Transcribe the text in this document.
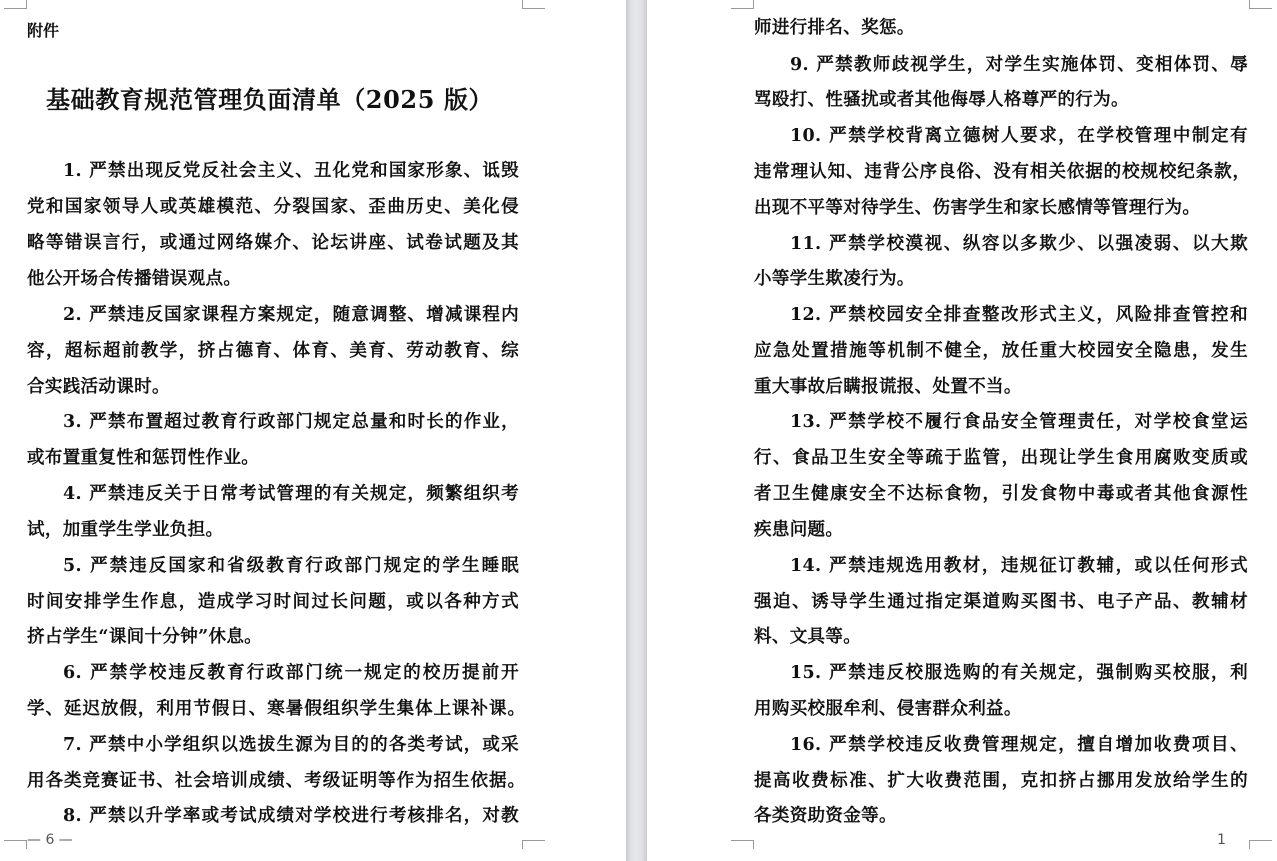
附件
基础教育规范管理负面清单（2025 版）

1. 严禁出现反党反社会主义、丑化党和国家形象、诋毁

党和国家领导人或英雄模范、分裂国家、歪曲历史、美化侵

略等错误言行，或通过网络媒介、论坛讲座、试卷试题及其

他公开场合传播错误观点。

2. 严禁违反国家课程方案规定，随意调整、增减课程内

容，超标超前教学，挤占德育、体育、美育、劳动教育、综

合实践活动课时。

3. 严禁布置超过教育行政部门规定总量和时长的作业，

或布置重复性和惩罚性作业。

4. 严禁违反关于日常考试管理的有关规定，频繁组织考

试，加重学生学业负担。

5. 严禁违反国家和省级教育行政部门规定的学生睡眠

时间安排学生作息，造成学习时间过长问题，或以各种方式

挤占学生“课间十分钟”休息。

6. 严禁学校违反教育行政部门统一规定的校历提前开

学、延迟放假，利用节假日、寒暑假组织学生集体上课补课。

7. 严禁中小学组织以选拔生源为目的的各类考试，或采

用各类竞赛证书、社会培训成绩、考级证明等作为招生依据。

8. 严禁以升学率或考试成绩对学校进行考核排名，对教

— 6 —

师进行排名、奖惩。

9. 严禁教师歧视学生，对学生实施体罚、变相体罚、辱

骂殴打、性骚扰或者其他侮辱人格尊严的行为。

10. 严禁学校背离立德树人要求，在学校管理中制定有

违常理认知、违背公序良俗、没有相关依据的校规校纪条款，

出现不平等对待学生、伤害学生和家长感情等管理行为。

11. 严禁学校漠视、纵容以多欺少、以强凌弱、以大欺

小等学生欺凌行为。

12. 严禁校园安全排查整改形式主义，风险排查管控和

应急处置措施等机制不健全，放任重大校园安全隐患，发生

重大事故后瞒报谎报、处置不当。

13. 严禁学校不履行食品安全管理责任，对学校食堂运

行、食品卫生安全等疏于监管，出现让学生食用腐败变质或

者卫生健康安全不达标食物，引发食物中毒或者其他食源性

疾患问题。

14. 严禁违规选用教材，违规征订教辅，或以任何形式

强迫、诱导学生通过指定渠道购买图书、电子产品、教辅材

料、文具等。

15. 严禁违反校服选购的有关规定，强制购买校服，利

用购买校服牟利、侵害群众利益。

16. 严禁学校违反收费管理规定，擅自增加收费项目、

提高收费标准、扩大收费范围，克扣挤占挪用发放给学生的

各类资助资金等。

1
